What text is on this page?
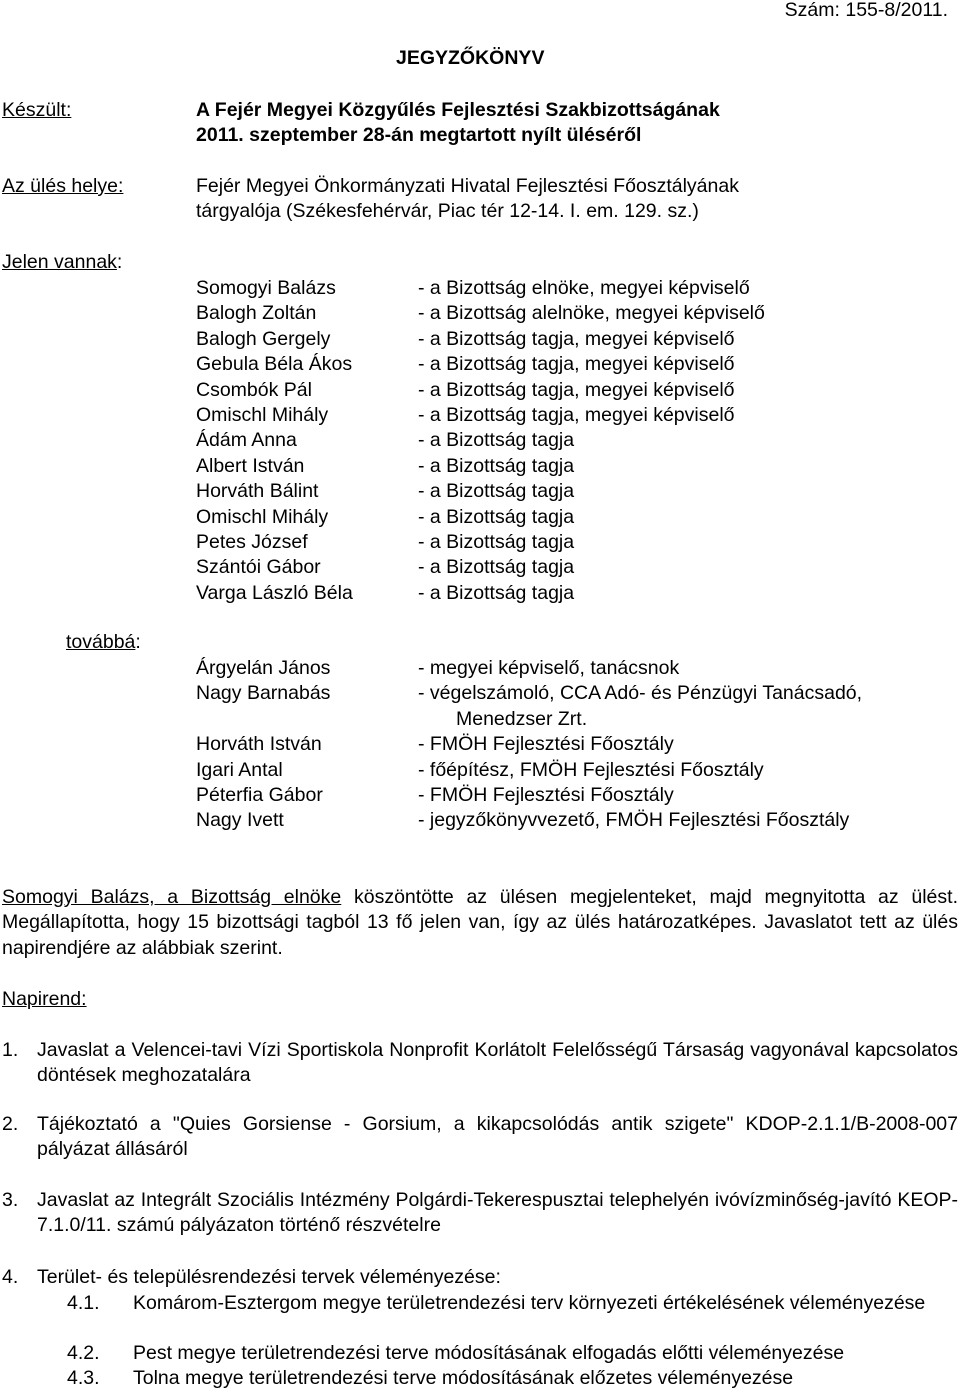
Szám: 155-8/2011.
JEGYZŐKÖNYV
Készült:	A Fejér Megyei Közgyűlés Fejlesztési Szakbizottságának
2011. szeptember 28-án megtartott nyílt üléséről
Az ülés helye:	Fejér Megyei Önkormányzati Hivatal Fejlesztési Főosztályának
tárgyalója (Székesfehérvár, Piac tér 12-14. I. em. 129. sz.)
Jelen vannak:
Somogyi Balázs
Balogh Zoltán
Balogh Gergely
Gebula Béla Ákos
Csombók Pál
Omischl Mihály
Ádám Anna
Albert István
Horváth Bálint
Omischl Mihály
Petes József
Szántói Gábor
Varga László Béla
- a Bizottság elnöke, megyei képviselő
- a Bizottság alelnöke, megyei képviselő
- a Bizottság tagja, megyei képviselő
- a Bizottság tagja, megyei képviselő
- a Bizottság tagja, megyei képviselő
- a Bizottság tagja, megyei képviselő
- a Bizottság tagja
- a Bizottság tagja
- a Bizottság tagja
- a Bizottság tagja
- a Bizottság tagja
- a Bizottság tagja
- a Bizottság tagja
továbbá:
Árgyelán János
Nagy Barnabás
Horváth István
Igari Antal
Péterfia Gábor
Nagy Ivett
- megyei képviselő, tanácsnok
- végelszámoló, CCA Adó- és Pénzügyi Tanácsadó,
Menedzser Zrt.
- FMÖH Fejlesztési Főosztály
- főépítész, FMÖH Fejlesztési Főosztály
- FMÖH Fejlesztési Főosztály
- jegyzőkönyvvezető, FMÖH Fejlesztési Főosztály
Somogyi Balázs, a Bizottság elnöke köszöntötte az ülésen megjelenteket, majd megnyitotta az ülést. Megállapította, hogy 15 bizottsági tagból 13 fő jelen van, így az ülés határozatképes. Javaslatot tett az ülés napirendjére az alábbiak szerint.
Napirend:
1. Javaslat a Velencei-tavi Vízi Sportiskola Nonprofit Korlátolt Felelősségű Társaság vagyonával kapcsolatos döntések meghozatalára
2. Tájékoztató a "Quies Gorsiense - Gorsium, a kikapcsolódás antik szigete" KDOP-2.1.1/B-2008-007 pályázat állásáról
3. Javaslat az Integrált Szociális Intézmény Polgárdi-Tekerespusztai telephelyén ivóvízminőség-javító KEOP-7.1.0/11. számú pályázaton történő részvételre
4. Terület- és településrendezési tervek véleményezése:
4.1. Komárom-Esztergom megye területrendezési terv környezeti értékelésének véleményezése
4.2. Pest megye területrendezési terve módosításának elfogadás előtti véleményezése
4.3. Tolna megye területrendezési terve módosításának előzetes véleményezése
